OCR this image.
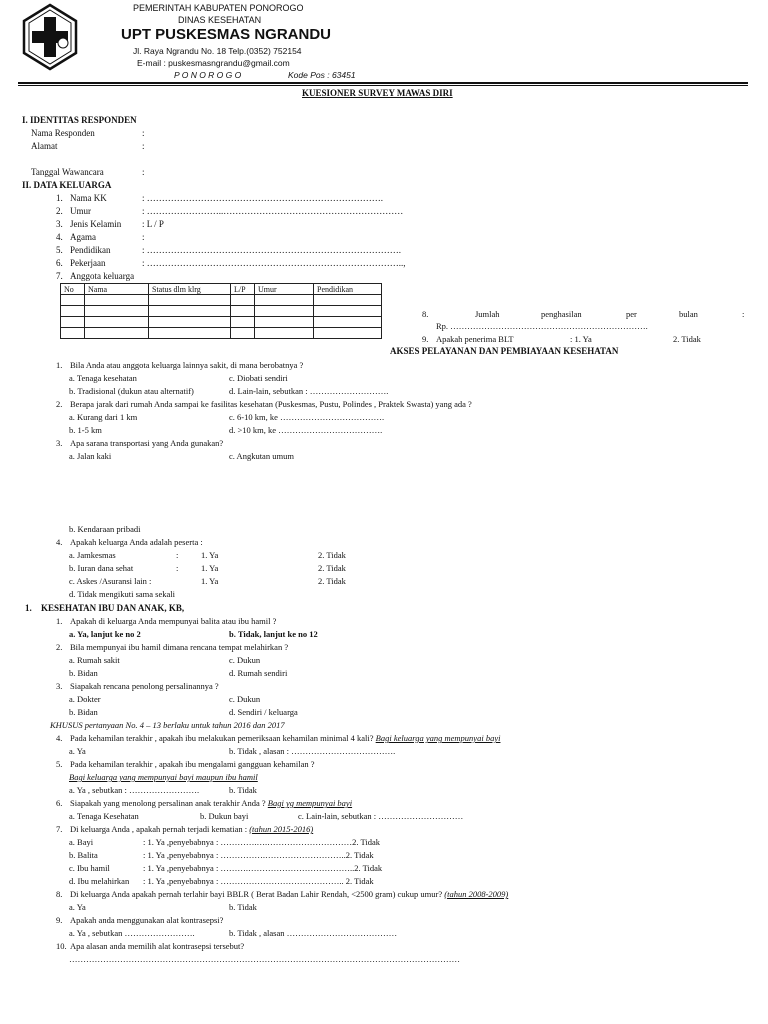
PEMERINTAH KABUPATEN PONOROGO
DINAS KESEHATAN
UPT PUSKESMAS NGRANDU
Jl. Raya Ngrandu No. 18 Telp.(0352) 752154
E-mail : puskesmasngrandu@gmail.com
P O N O R O G O	Kode Pos : 63451
KUESIONER SURVEY MAWAS DIRI
I. IDENTITAS RESPONDEN
Nama Responden	:
Alamat	:
Tanggal Wawancara	:
II. DATA KELUARGA
1. Nama KK	: …………………………………………………………………….
2. Umur	: ……………………..……………………………………………………
3. Jenis Kelamin : L / P
4. Agama	:
5. Pendidikan	: ………………………………………………………………………….
6. Pekerjaan	: …………………………………………………………………………..,
7. Anggota keluarga
No	Nama	Status dlm klrg	L/P	Umur	Pendidikan

8.	Jumlah	penghasilan	per	bulan	:
Rp. …………………………………………………………….
9. Apakah penerima BLT	: 1. Ya	2. Tidak
AKSES PELAYANAN DAN PEMBIAYAAN KESEHATAN
1. Bila Anda atau anggota keluarga lainnya sakit, di mana berobatnya ?
a. Tenaga kesehatan	c. Diobati sendiri
b. Tradisional (dukun atau alternatif)	d. Lain-lain, sebutkan : ……………………….
2. Berapa jarak dari rumah Anda sampai ke fasilitas kesehatan (Puskesmas, Pustu, Polindes , Praktek Swasta) yang ada ?
a. Kurang dari 1 km	c. 6-10 km, ke ……………………………….
b. 1-5 km	d. >10 km, ke ……………………………….
3. Apa sarana transportasi yang Anda gunakan?
a. Jalan kaki	c. Angkutan umum
b. Kendaraan pribadi
4. Apakah keluarga Anda adalah peserta :
a. Jamkesmas	:	1. Ya	2. Tidak
b. Iuran dana sehat	:	1. Ya	2. Tidak
c. Askes /Asuransi lain :	1. Ya	2. Tidak
d. Tidak mengikuti sama sekali
1. KESEHATAN IBU DAN ANAK, KB,
1. Apakah di keluarga Anda mempunyai balita atau ibu hamil ?
a. Ya, lanjut ke no 2	b. Tidak, lanjut ke no 12
2. Bila mempunyai ibu hamil dimana rencana tempat melahirkan ?
a. Rumah sakit	c. Dukun
b. Bidan	d. Rumah sendiri
3. Siapakah rencana penolong persalinannya ?
a. Dokter	c. Dukun
b. Bidan	d. Sendiri / keluarga
KHUSUS pertanyaan No. 4 – 13 berlaku untuk tahun 2016 dan 2017
4. Pada kehamilan terakhir , apakah ibu melakukan pemeriksaan kehamilan minimal 4 kali? Bagi keluarga yang mempunyai bayi
a. Ya	b. Tidak , alasan : ……………………………….
5. Pada kehamilan terakhir , apakah ibu mengalami gangguan kehamilan ?
Bagi keluarga yang mempunyai bayi maupun ibu hamil
a. Ya , sebutkan : …………………….	b. Tidak
6. Siapakah yang menolong persalinan anak terakhir Anda ? Bagi yg mempunyai bayi
a. Tenaga Kesehatan	b. Dukun bayi	c. Lain-lain, sebutkan : …………………………
7. Di keluarga Anda , apakah pernah terjadi kematian : (tahun 2015-2016)
a. Bayi	: 1. Ya ,penyebabnya : ………….….…………………………2. Tidak
b. Balita	: 1. Ya ,penyebabnya : …………….………………………..2. Tidak
c. Ibu hamil	: 1. Ya ,penyebabnya : ……….………………………………..2. Tidak
d. Ibu melahirkan : 1. Ya ,penyebabnya : …………………………………….. 2. Tidak
8. Di keluarga Anda apakah pernah terlahir bayi BBLR ( Berat Badan Lahir Rendah, <2500 gram) cukup umur? (tahun 2008-2009)
a. Ya	b. Tidak
9. Apakah anda menggunakan alat kontrasepsi?
a. Ya , sebutkan …………………….	b. Tidak , alasan …………………………………
10. Apa alasan anda memilih alat kontrasepsi tersebut?
…………………………………………………………………………………………………………………………
